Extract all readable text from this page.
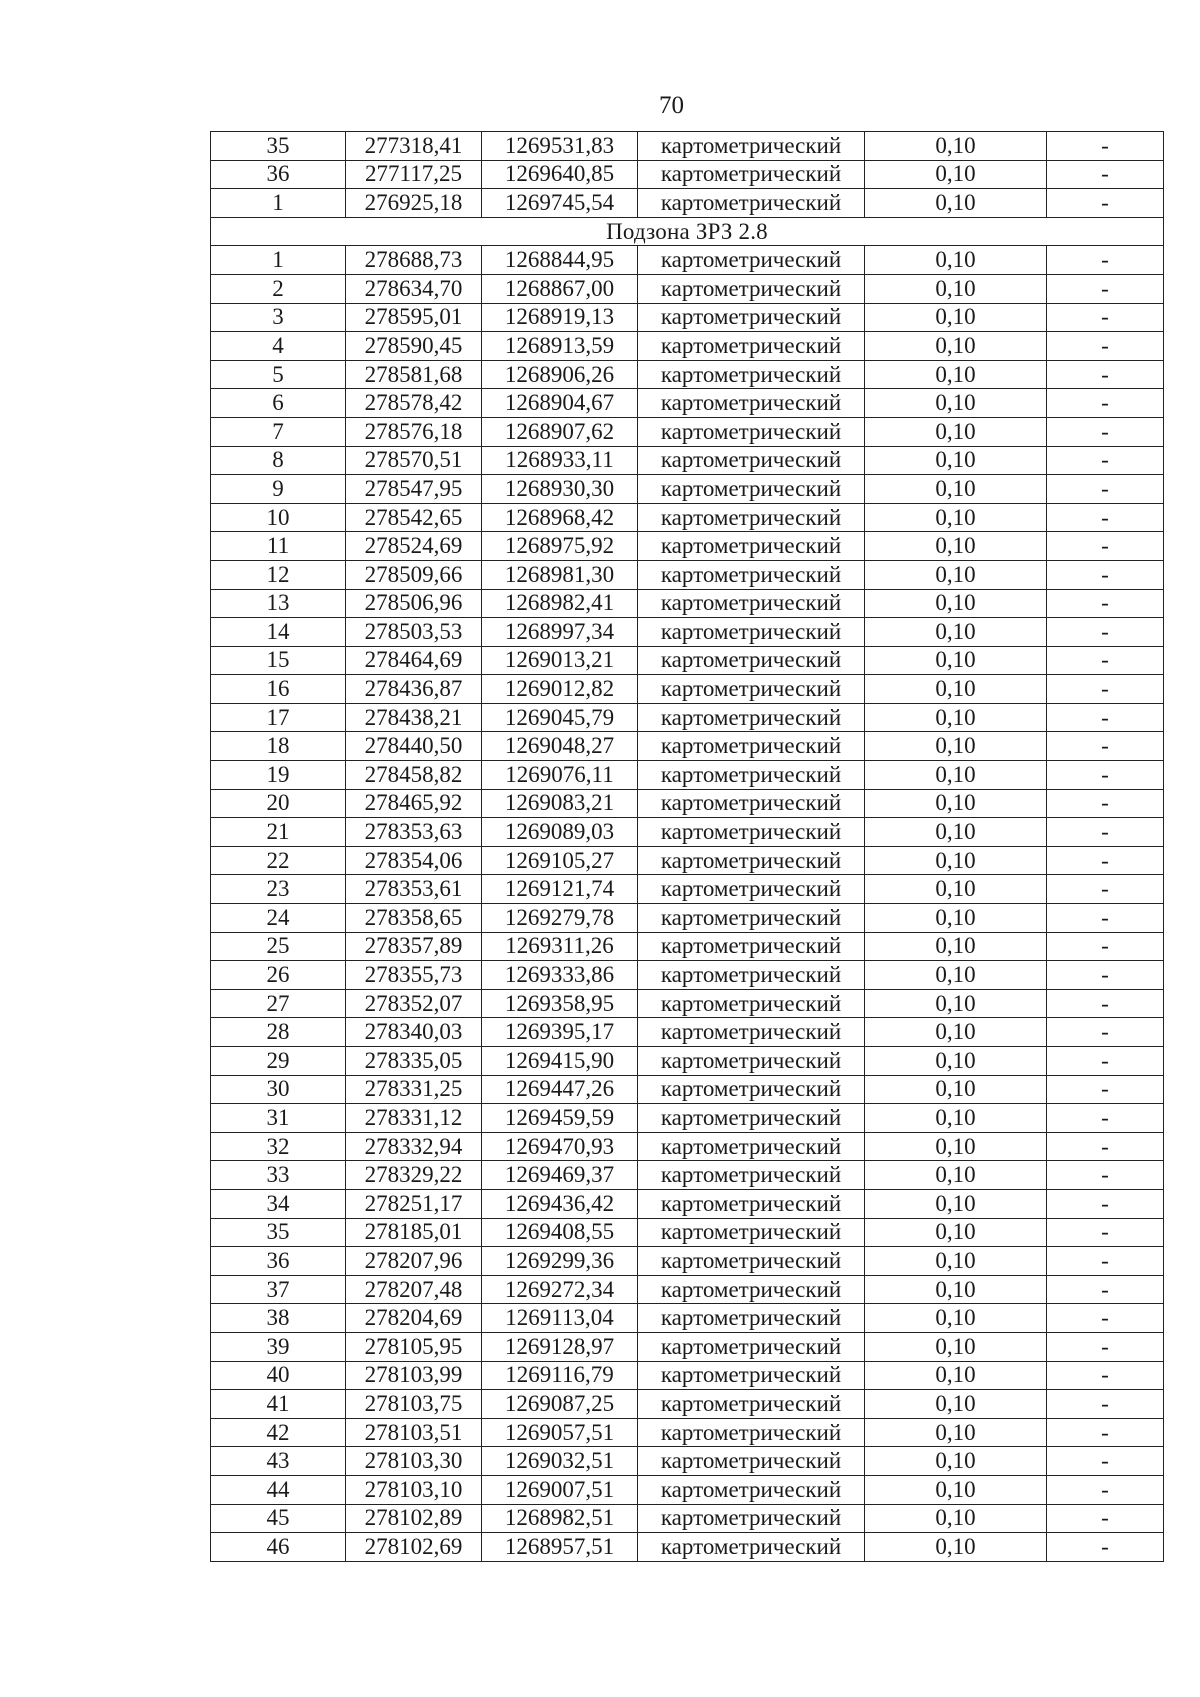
70
35	277318,41	1269531,83	картометрический	0,10	-
36	277117,25	1269640,85	картометрический	0,10	-
1	276925,18	1269745,54	картометрический	0,10	-
Подзона ЗРЗ 2.8					
1	278688,73	1268844,95	картометрический	0,10	-
2	278634,70	1268867,00	картометрический	0,10	-
3	278595,01	1268919,13	картометрический	0,10	-
4	278590,45	1268913,59	картометрический	0,10	-
5	278581,68	1268906,26	картометрический	0,10	-
6	278578,42	1268904,67	картометрический	0,10	-
7	278576,18	1268907,62	картометрический	0,10	-
8	278570,51	1268933,11	картометрический	0,10	-
9	278547,95	1268930,30	картометрический	0,10	-
10	278542,65	1268968,42	картометрический	0,10	-
11	278524,69	1268975,92	картометрический	0,10	-
12	278509,66	1268981,30	картометрический	0,10	-
13	278506,96	1268982,41	картометрический	0,10	-
14	278503,53	1268997,34	картометрический	0,10	-
15	278464,69	1269013,21	картометрический	0,10	-
16	278436,87	1269012,82	картометрический	0,10	-
17	278438,21	1269045,79	картометрический	0,10	-
18	278440,50	1269048,27	картометрический	0,10	-
19	278458,82	1269076,11	картометрический	0,10	-
20	278465,92	1269083,21	картометрический	0,10	-
21	278353,63	1269089,03	картометрический	0,10	-
22	278354,06	1269105,27	картометрический	0,10	-
23	278353,61	1269121,74	картометрический	0,10	-
24	278358,65	1269279,78	картометрический	0,10	-
25	278357,89	1269311,26	картометрический	0,10	-
26	278355,73	1269333,86	картометрический	0,10	-
27	278352,07	1269358,95	картометрический	0,10	-
28	278340,03	1269395,17	картометрический	0,10	-
29	278335,05	1269415,90	картометрический	0,10	-
30	278331,25	1269447,26	картометрический	0,10	-
31	278331,12	1269459,59	картометрический	0,10	-
32	278332,94	1269470,93	картометрический	0,10	-
33	278329,22	1269469,37	картометрический	0,10	-
34	278251,17	1269436,42	картометрический	0,10	-
35	278185,01	1269408,55	картометрический	0,10	-
36	278207,96	1269299,36	картометрический	0,10	-
37	278207,48	1269272,34	картометрический	0,10	-
38	278204,69	1269113,04	картометрический	0,10	-
39	278105,95	1269128,97	картометрический	0,10	-
40	278103,99	1269116,79	картометрический	0,10	-
41	278103,75	1269087,25	картометрический	0,10	-
42	278103,51	1269057,51	картометрический	0,10	-
43	278103,30	1269032,51	картометрический	0,10	-
44	278103,10	1269007,51	картометрический	0,10	-
45	278102,89	1268982,51	картометрический	0,10	-
46	278102,69	1268957,51	картометрический	0,10	-
